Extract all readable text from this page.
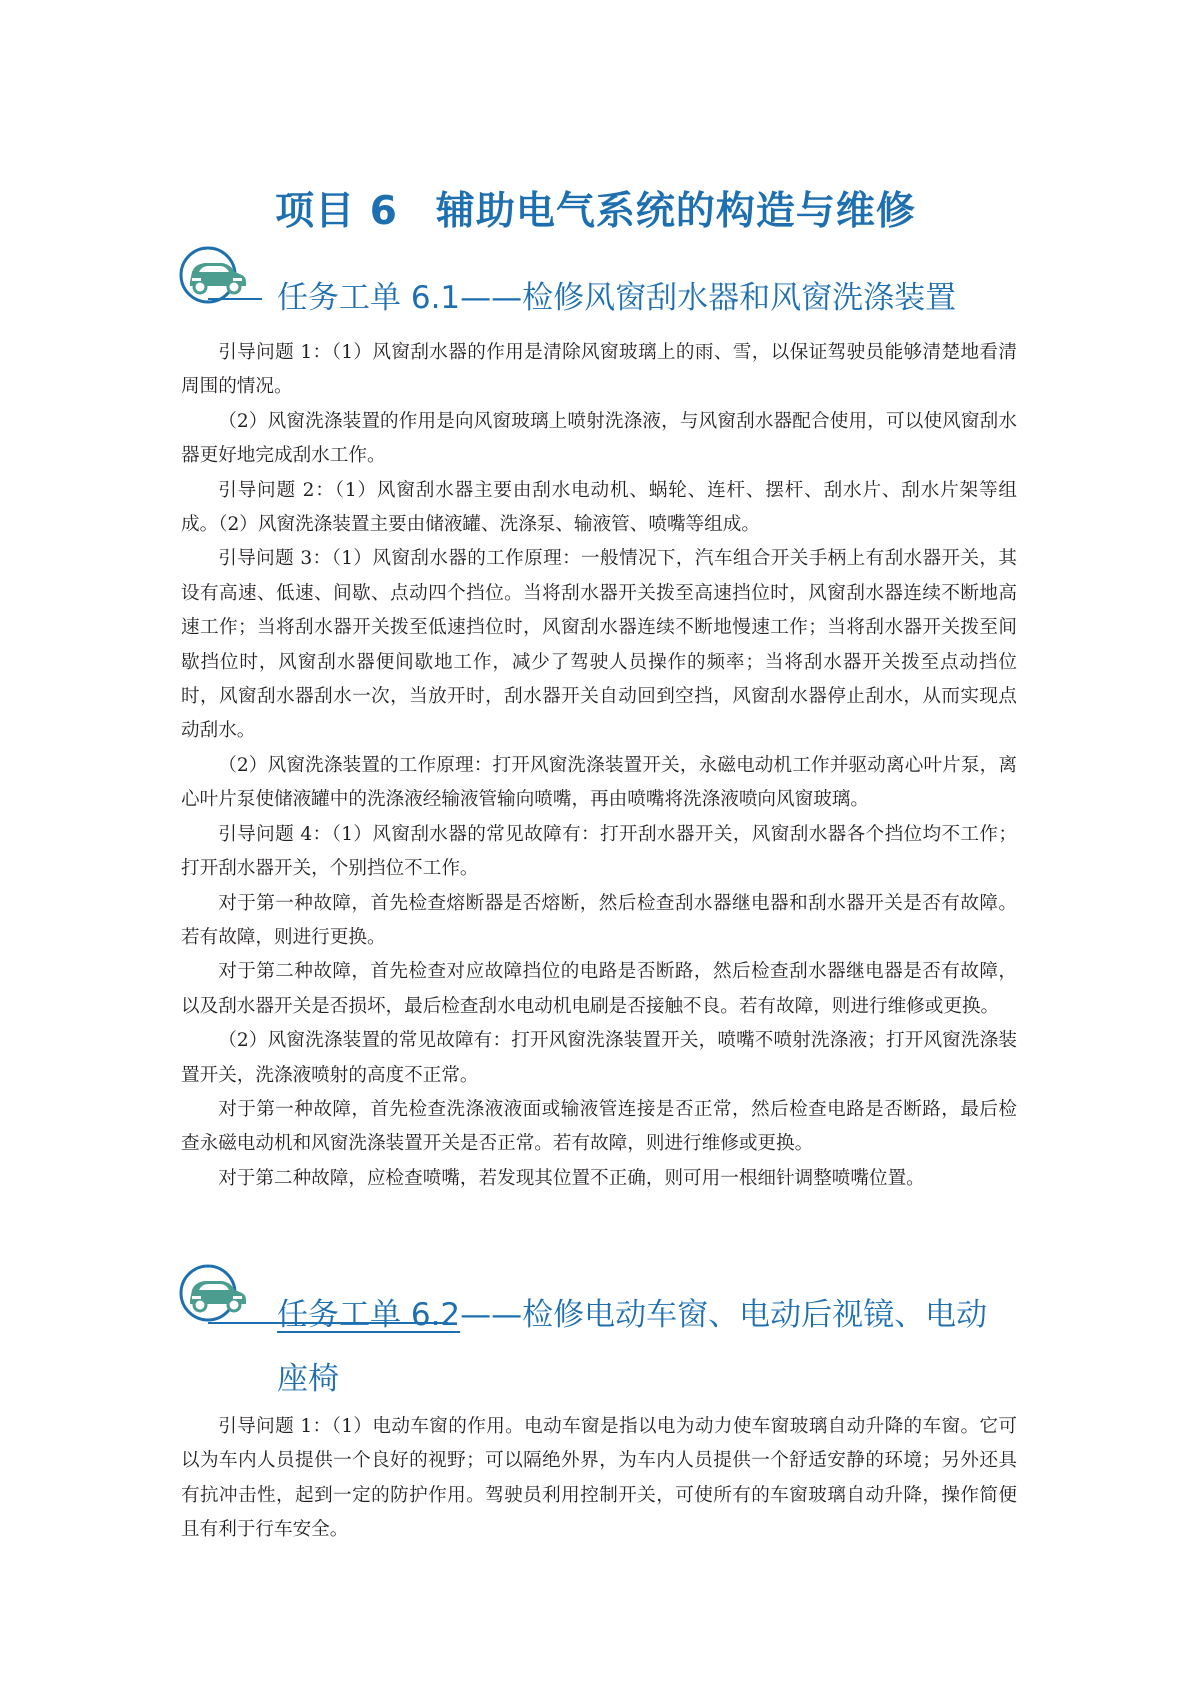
项目 6 辅助电气系统的构造与维修
任务工单 6.1——检修风窗刮水器和风窗洗涤装置

引导问题 1：（1）风窗刮水器的作用是清除风窗玻璃上的雨、雪，以保证驾驶员能够清楚地看清周围的情况。

（2）风窗洗涤装置的作用是向风窗玻璃上喷射洗涤液，与风窗刮水器配合使用，可以使风窗刮水器更好地完成刮水工作。

引导问题 2：（1）风窗刮水器主要由刮水电动机、蜗轮、连杆、摆杆、刮水片、刮水片架等组成。（2）风窗洗涤装置主要由储液罐、洗涤泵、输液管、喷嘴等组成。

引导问题 3：（1）风窗刮水器的工作原理：一般情况下，汽车组合开关手柄上有刮水器开关，其设有高速、低速、间歇、点动四个挡位。当将刮水器开关拨至高速挡位时，风窗刮水器连续不断地高速工作；当将刮水器开关拨至低速挡位时，风窗刮水器连续不断地慢速工作；当将刮水器开关拨至间歇挡位时，风窗刮水器便间歇地工作，减少了驾驶人员操作的频率；当将刮水器开关拨至点动挡位时，风窗刮水器刮水一次，当放开时，刮水器开关自动回到空挡，风窗刮水器停止刮水，从而实现点动刮水。

（2）风窗洗涤装置的工作原理：打开风窗洗涤装置开关，永磁电动机工作并驱动离心叶片泵，离心叶片泵使储液罐中的洗涤液经输液管输向喷嘴，再由喷嘴将洗涤液喷向风窗玻璃。

引导问题 4：（1）风窗刮水器的常见故障有：打开刮水器开关，风窗刮水器各个挡位均不工作；打开刮水器开关，个别挡位不工作。

对于第一种故障，首先检查熔断器是否熔断，然后检查刮水器继电器和刮水器开关是否有故障。若有故障，则进行更换。

对于第二种故障，首先检查对应故障挡位的电路是否断路，然后检查刮水器继电器是否有故障，以及刮水器开关是否损坏，最后检查刮水电动机电刷是否接触不良。若有故障，则进行维修或更换。

（2）风窗洗涤装置的常见故障有：打开风窗洗涤装置开关，喷嘴不喷射洗涤液；打开风窗洗涤装置开关，洗涤液喷射的高度不正常。

对于第一种故障，首先检查洗涤液液面或输液管连接是否正常，然后检查电路是否断路，最后检查永磁电动机和风窗洗涤装置开关是否正常。若有故障，则进行维修或更换。

对于第二种故障，应检查喷嘴，若发现其位置不正确，则可用一根细针调整喷嘴位置。

任务工单 6.2——检修电动车窗、电动后视镜、电动座椅

引导问题 1：（1）电动车窗的作用。电动车窗是指以电为动力使车窗玻璃自动升降的车窗。它可以为车内人员提供一个良好的视野；可以隔绝外界，为车内人员提供一个舒适安静的环境；另外还具有抗冲击性，起到一定的防护作用。驾驶员利用控制开关，可使所有的车窗玻璃自动升降，操作简便且有利于行车安全。
